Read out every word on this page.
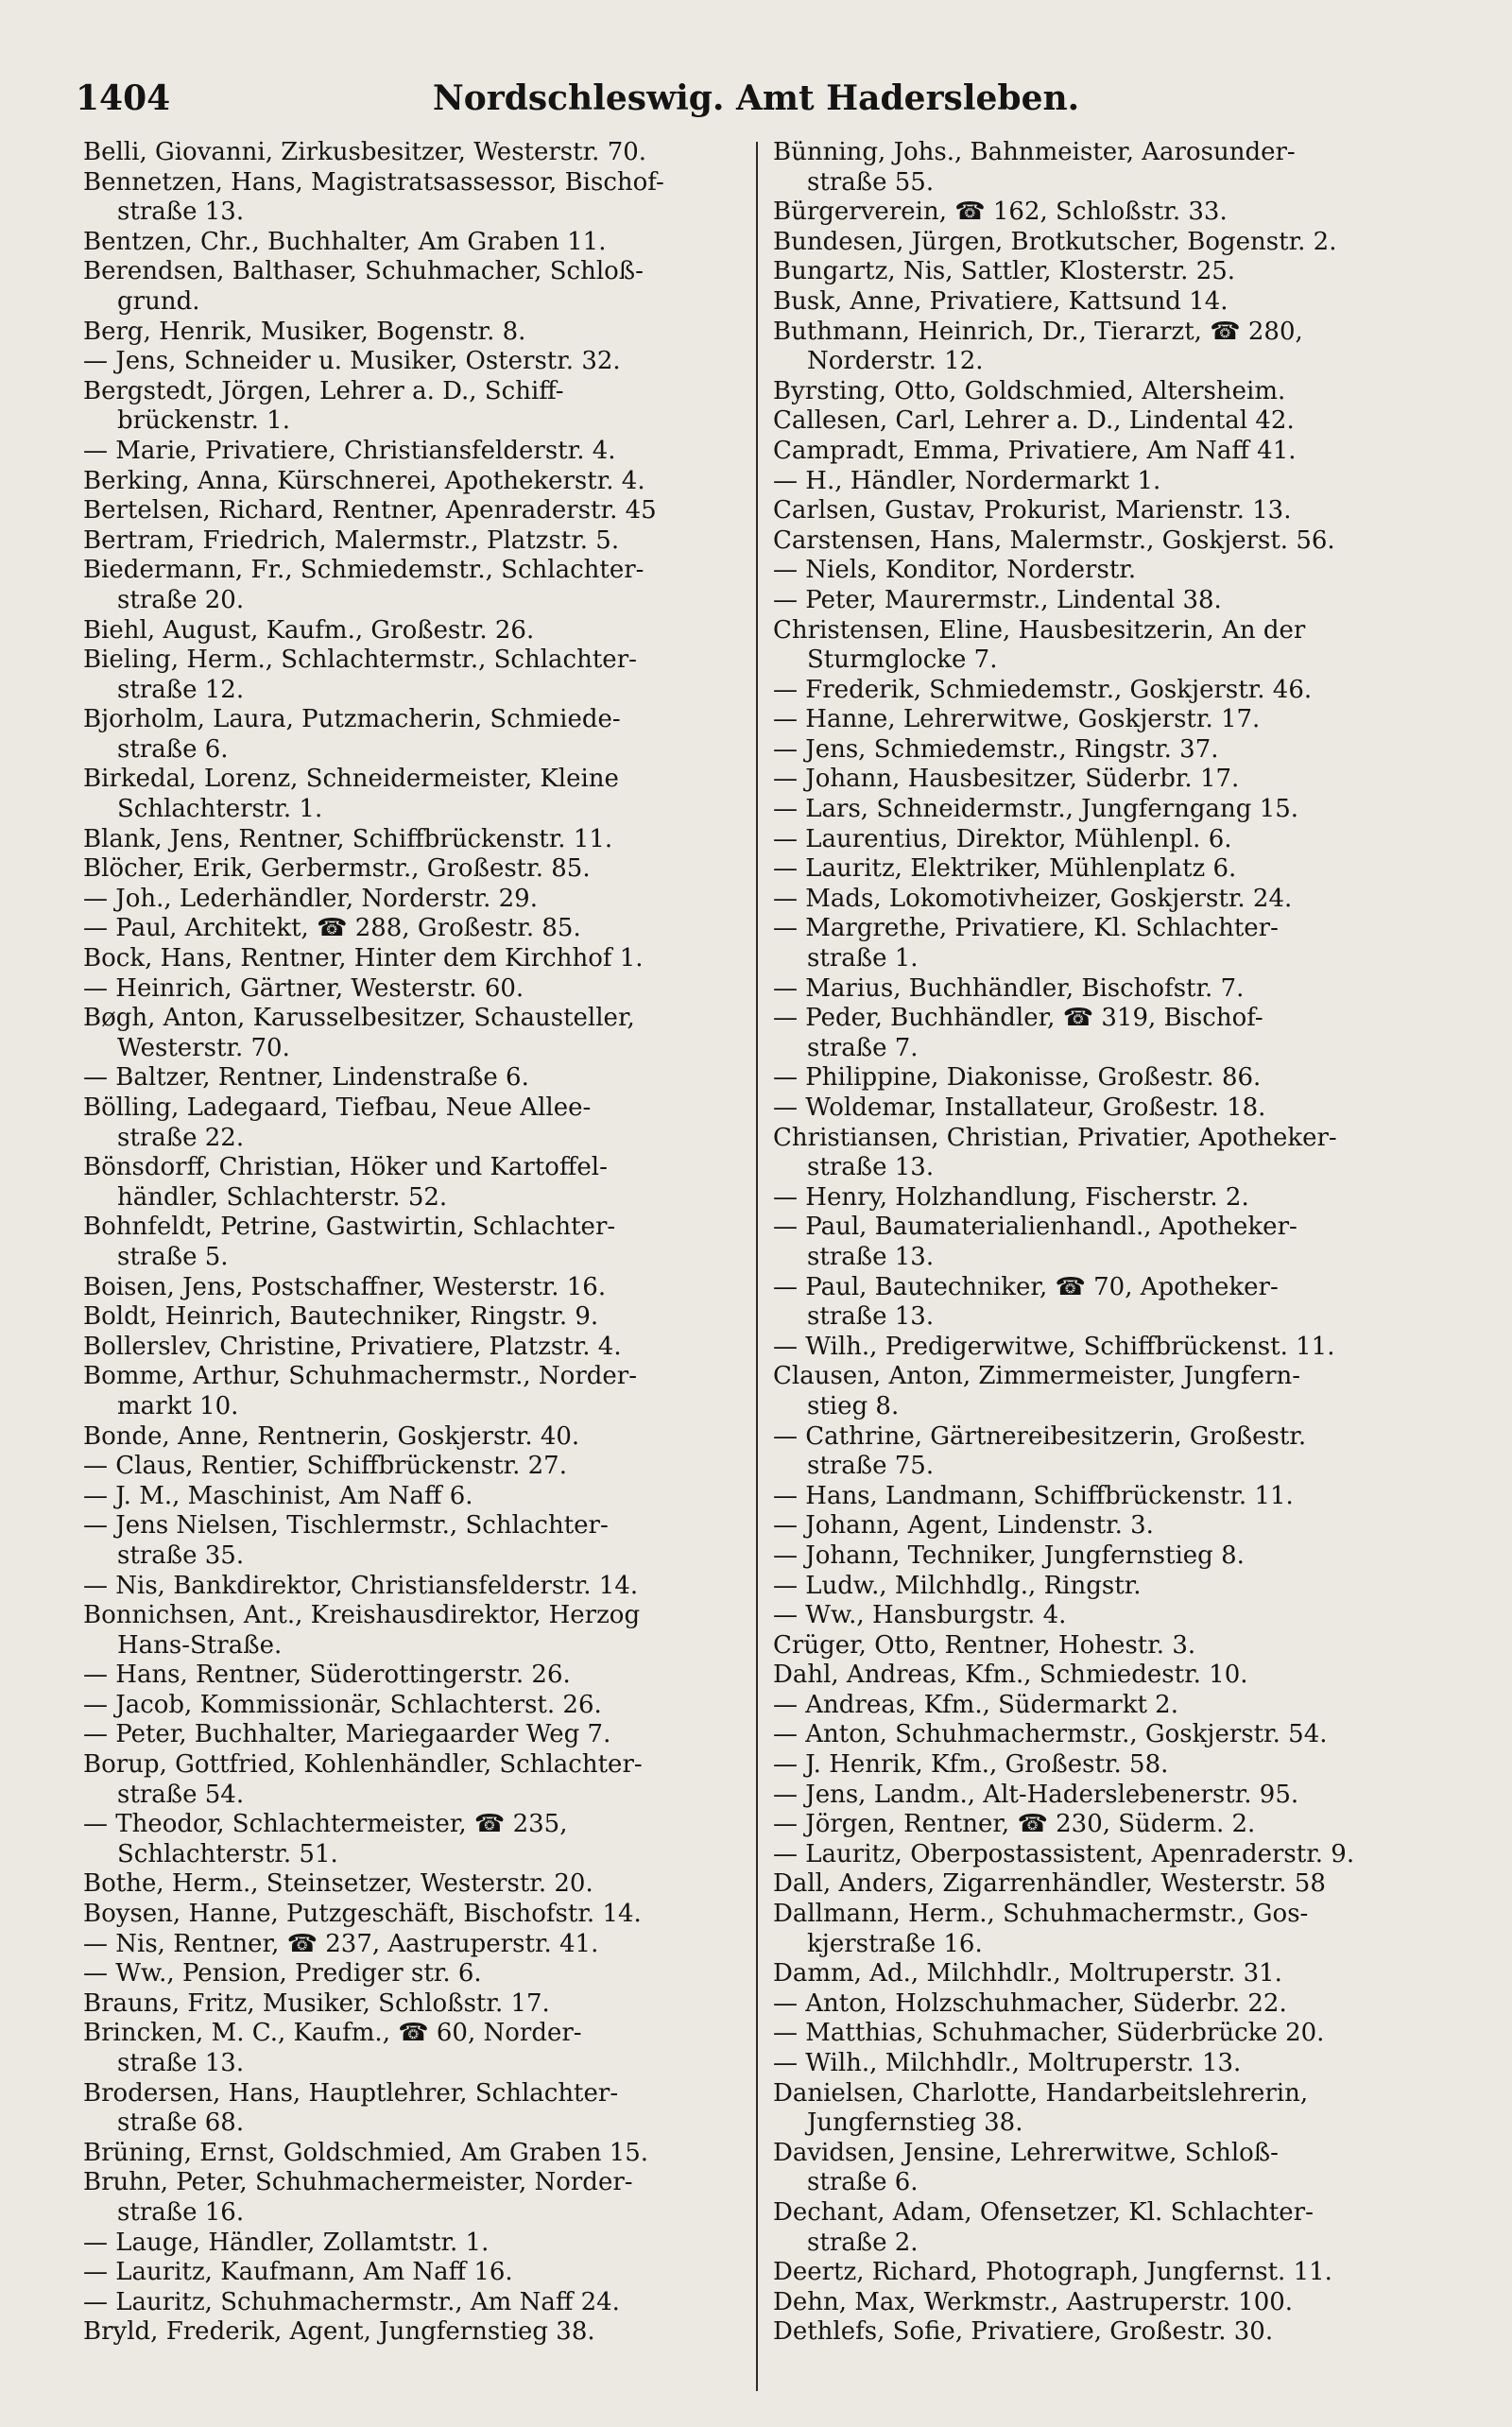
1404	Nordschleswig. Amt Hadersleben.
Belli, Giovanni, Zirkusbesitzer, Westerstr. 70.
Bennetzen, Hans, Magistratsassessor, Bischof-
straße 13.
Bentzen, Chr., Buchhalter, Am Graben 11.
Berendsen, Balthaser, Schuhmacher, Schloß-
grund.
Berg, Henrik, Musiker, Bogenstr. 8.
— Jens, Schneider u. Musiker, Osterstr. 32.
Bergstedt, Jörgen, Lehrer a. D., Schiff-
brückenstr. 1.
— Marie, Privatiere, Christiansfelderstr. 4.
Berking, Anna, Kürschnerei, Apothekerstr. 4.
Bertelsen, Richard, Rentner, Apenraderstr. 45
Bertram, Friedrich, Malermstr., Platzstr. 5.
Biedermann, Fr., Schmiedemstr., Schlachter-
straße 20.
Biehl, August, Kaufm., Großestr. 26.
Bieling, Herm., Schlachtermstr., Schlachter-
straße 12.
Bjorholm, Laura, Putzmacherin, Schmiede-
straße 6.
Birkedal, Lorenz, Schneidermeister, Kleine
Schlachterstr. 1.
Blank, Jens, Rentner, Schiffbrückenstr. 11.
Blöcher, Erik, Gerbermstr., Großestr. 85.
— Joh., Lederhändler, Norderstr. 29.
— Paul, Architekt, ☎ 288, Großestr. 85.
Bock, Hans, Rentner, Hinter dem Kirchhof 1.
— Heinrich, Gärtner, Westerstr. 60.
Bøgh, Anton, Karusselbesitzer, Schausteller,
Westerstr. 70.
— Baltzer, Rentner, Lindenstraße 6.
Bölling, Ladegaard, Tiefbau, Neue Allee-
straße 22.
Bönsdorff, Christian, Höker und Kartoffel-
händler, Schlachterstr. 52.
Bohnfeldt, Petrine, Gastwirtin, Schlachter-
straße 5.
Boisen, Jens, Postschaffner, Westerstr. 16.
Boldt, Heinrich, Bautechniker, Ringstr. 9.
Bollerslev, Christine, Privatiere, Platzstr. 4.
Bomme, Arthur, Schuhmachermstr., Norder-
markt 10.
Bonde, Anne, Rentnerin, Goskjerstr. 40.
— Claus, Rentier, Schiffbrückenstr. 27.
— J. M., Maschinist, Am Naff 6.
— Jens Nielsen, Tischlermstr., Schlachter-
straße 35.
— Nis, Bankdirektor, Christiansfelderstr. 14.
Bonnichsen, Ant., Kreishausdirektor, Herzog
Hans-Straße.
— Hans, Rentner, Süderottingerstr. 26.
— Jacob, Kommissionär, Schlachterst. 26.
— Peter, Buchhalter, Mariegaarder Weg 7.
Borup, Gottfried, Kohlenhändler, Schlachter-
straße 54.
— Theodor, Schlachtermeister, ☎ 235,
Schlachterstr. 51.
Bothe, Herm., Steinsetzer, Westerstr. 20.
Boysen, Hanne, Putzgeschäft, Bischofstr. 14.
— Nis, Rentner, ☎ 237, Aastruperstr. 41.
— Ww., Pension, Prediger str. 6.
Brauns, Fritz, Musiker, Schloßstr. 17.
Brincken, M. C., Kaufm., ☎ 60, Norder-
straße 13.
Brodersen, Hans, Hauptlehrer, Schlachter-
straße 68.
Brüning, Ernst, Goldschmied, Am Graben 15.
Bruhn, Peter, Schuhmachermeister, Norder-
straße 16.
— Lauge, Händler, Zollamtstr. 1.
— Lauritz, Kaufmann, Am Naff 16.
— Lauritz, Schuhmachermstr., Am Naff 24.
Bryld, Frederik, Agent, Jungfernstieg 38.
Bünning, Johs., Bahnmeister, Aarosunder-
straße 55.
Bürgerverein, ☎ 162, Schloßstr. 33.
Bundesen, Jürgen, Brotkutscher, Bogenstr. 2.
Bungartz, Nis, Sattler, Klosterstr. 25.
Busk, Anne, Privatiere, Kattsund 14.
Buthmann, Heinrich, Dr., Tierarzt, ☎ 280,
Norderstr. 12.
Byrsting, Otto, Goldschmied, Altersheim.
Callesen, Carl, Lehrer a. D., Lindental 42.
Campradt, Emma, Privatiere, Am Naff 41.
— H., Händler, Nordermarkt 1.
Carlsen, Gustav, Prokurist, Marienstr. 13.
Carstensen, Hans, Malermstr., Goskjerst. 56.
— Niels, Konditor, Norderstr.
— Peter, Maurermstr., Lindental 38.
Christensen, Eline, Hausbesitzerin, An der
Sturmglocke 7.
— Frederik, Schmiedemstr., Goskjerstr. 46.
— Hanne, Lehrerwitwe, Goskjerstr. 17.
— Jens, Schmiedemstr., Ringstr. 37.
— Johann, Hausbesitzer, Süderbr. 17.
— Lars, Schneidermstr., Jungferngang 15.
— Laurentius, Direktor, Mühlenpl. 6.
— Lauritz, Elektriker, Mühlenplatz 6.
— Mads, Lokomotivheizer, Goskjerstr. 24.
— Margrethe, Privatiere, Kl. Schlachter-
straße 1.
— Marius, Buchhändler, Bischofstr. 7.
— Peder, Buchhändler, ☎ 319, Bischof-
straße 7.
— Philippine, Diakonisse, Großestr. 86.
— Woldemar, Installateur, Großestr. 18.
Christiansen, Christian, Privatier, Apotheker-
straße 13.
— Henry, Holzhandlung, Fischerstr. 2.
— Paul, Baumaterialienhandl., Apotheker-
straße 13.
— Paul, Bautechniker, ☎ 70, Apotheker-
straße 13.
— Wilh., Predigerwitwe, Schiffbrückenst. 11.
Clausen, Anton, Zimmermeister, Jungfern-
stieg 8.
— Cathrine, Gärtnereibesitzerin, Großestr.
straße 75.
— Hans, Landmann, Schiffbrückenstr. 11.
— Johann, Agent, Lindenstr. 3.
— Johann, Techniker, Jungfernstieg 8.
— Ludw., Milchhdlg., Ringstr.
— Ww., Hansburgstr. 4.
Crüger, Otto, Rentner, Hohestr. 3.
Dahl, Andreas, Kfm., Schmiedestr. 10.
— Andreas, Kfm., Südermarkt 2.
— Anton, Schuhmachermstr., Goskjerstr. 54.
— J. Henrik, Kfm., Großestr. 58.
— Jens, Landm., Alt-Haderslebenerstr. 95.
— Jörgen, Rentner, ☎ 230, Süderm. 2.
— Lauritz, Oberpostassistent, Apenraderstr. 9.
Dall, Anders, Zigarrenhändler, Westerstr. 58
Dallmann, Herm., Schuhmachermstr., Gos-
kjerstraße 16.
Damm, Ad., Milchhdlr., Moltruperstr. 31.
— Anton, Holzschuhmacher, Süderbr. 22.
— Matthias, Schuhmacher, Süderbrücke 20.
— Wilh., Milchhdlr., Moltruperstr. 13.
Danielsen, Charlotte, Handarbeitslehrerin,
Jungfernstieg 38.
Davidsen, Jensine, Lehrerwitwe, Schloß-
straße 6.
Dechant, Adam, Ofensetzer, Kl. Schlachter-
straße 2.
Deertz, Richard, Photograph, Jungfernst. 11.
Dehn, Max, Werkmstr., Aastruperstr. 100.
Dethlefs, Sofie, Privatiere, Großestr. 30.
